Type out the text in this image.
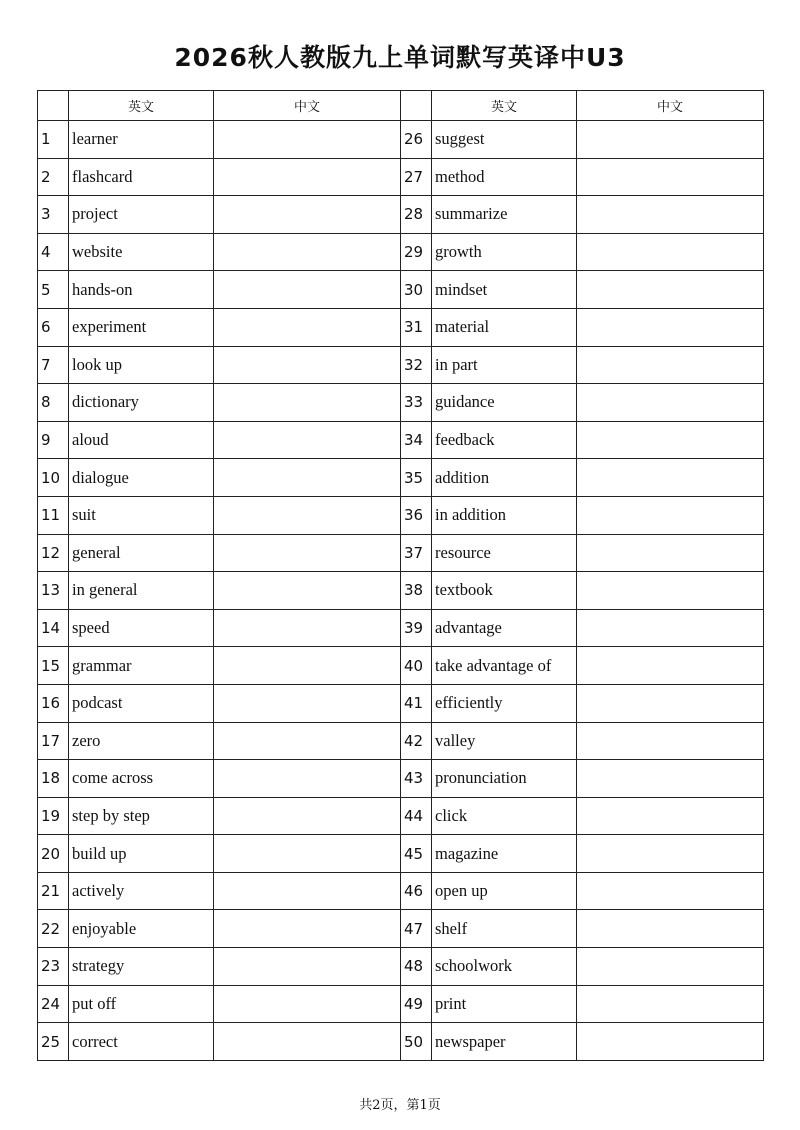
2026秋人教版九上单词默写英译中U3
	英文	中文		英文	中文
1	learner		26	suggest	
2	flashcard		27	method	
3	project		28	summarize	
4	website		29	growth	
5	hands-on		30	mindset	
6	experiment		31	material	
7	look up		32	in part	
8	dictionary		33	guidance	
9	aloud		34	feedback	
10	dialogue		35	addition	
11	suit		36	in addition	
12	general		37	resource	
13	in general		38	textbook	
14	speed		39	advantage	
15	grammar		40	take advantage of	
16	podcast		41	efficiently	
17	zero		42	valley	
18	come across		43	pronunciation	
19	step by step		44	click	
20	build up		45	magazine	
21	actively		46	open up	
22	enjoyable		47	shelf	
23	strategy		48	schoolwork	
24	put off		49	print	
25	correct		50	newspaper	
共2页，第1页
